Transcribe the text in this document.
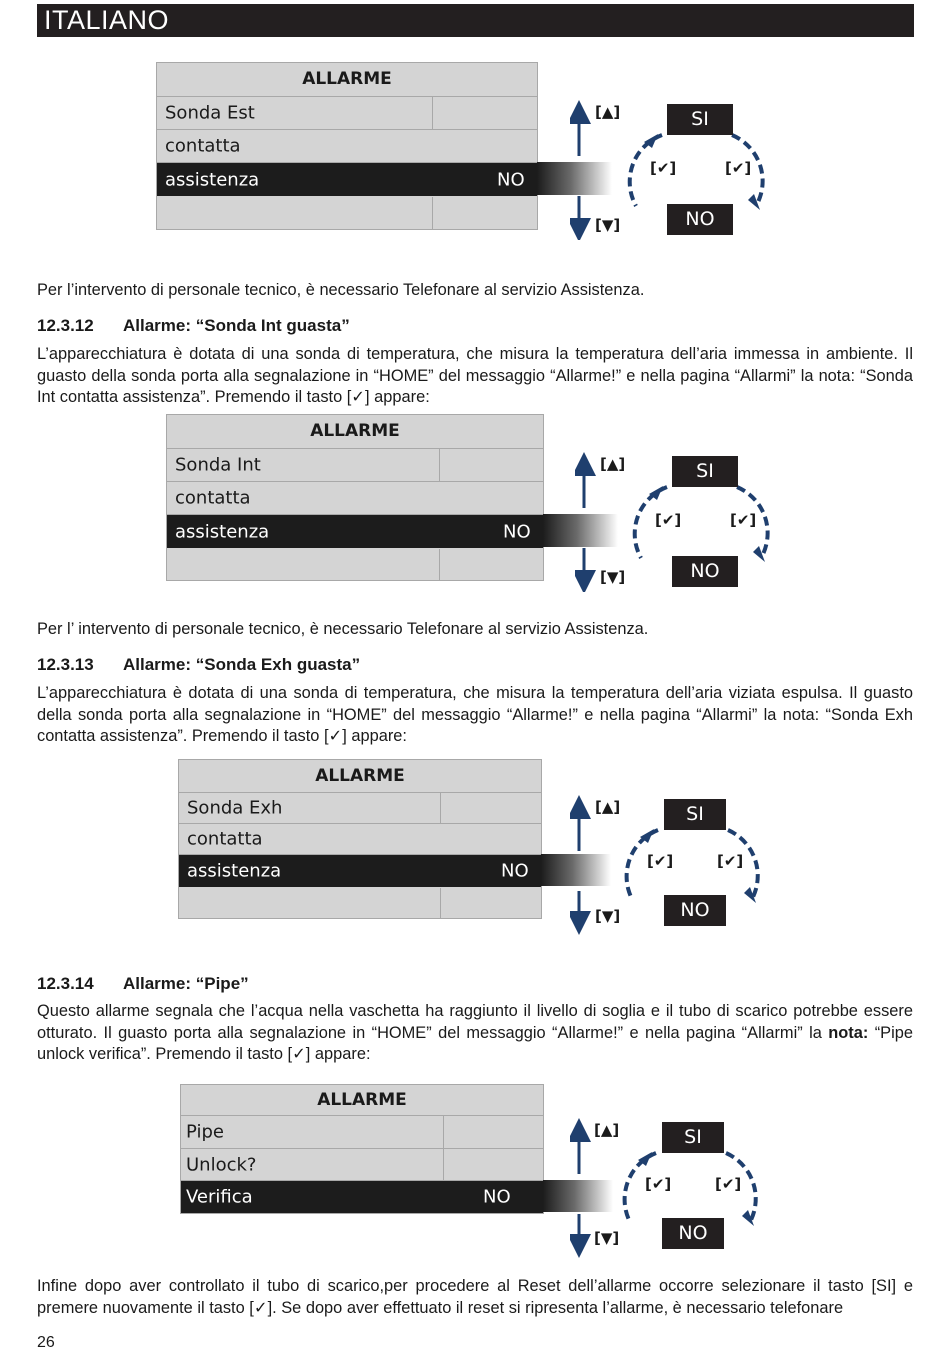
ITALIANO
ALLARME
Sonda Est
contatta
assistenza	NO
[▲]
[▼]
[✔]	[✔]
SI
NO

Per l’intervento di personale tecnico, è necessario Telefonare al servizio Assistenza.

12.3.12 Allarme: “Sonda Int guasta”

L’apparecchiatura è dotata di una sonda di temperatura, che misura la temperatura dell’aria immessa in ambiente. Il guasto della sonda porta alla segnalazione in “HOME” del messaggio “Allarme!” e nella pagina “Allarmi” la nota: “Sonda Int contatta assistenza”. Premendo il tasto [✓] appare:

ALLARME
Sonda Int
contatta
assistenza	NO
[▲]
[▼]
[✔]	[✔]
SI
NO

Per l’ intervento di personale tecnico, è necessario Telefonare al servizio Assistenza.

12.3.13 Allarme: “Sonda Exh guasta”

L’apparecchiatura è dotata di una sonda di temperatura, che misura la temperatura dell’aria viziata espulsa. Il guasto della sonda porta alla segnalazione in “HOME” del messaggio “Allarme!” e nella pagina “Allarmi” la nota: “Sonda Exh contatta assistenza”. Premendo il tasto [✓] appare:

ALLARME
Sonda Exh
contatta
assistenza	NO
[▲]
[▼]
[✔]	[✔]
SI
NO
12.3.14 Allarme: “Pipe”

Questo allarme segnala che l’acqua nella vaschetta ha raggiunto il livello di soglia e il tubo di scarico potrebbe essere otturato. Il guasto porta alla segnalazione in “HOME” del messaggio “Allarme!” e nella pagina “Allarmi” la nota: “Pipe unlock verifica”. Premendo il tasto [✓] appare:

ALLARME
Pipe
Unlock?
Verifica	NO
[▲]
[▼]
[✔]	[✔]
SI
NO

Infine dopo aver controllato il tubo di scarico,per procedere al Reset dell’allarme occorre selezionare il tasto [SI] e premere nuovamente il tasto [✓]. Se dopo aver effettuato il reset si ripresenta l’allarme, è necessario telefonare

26
